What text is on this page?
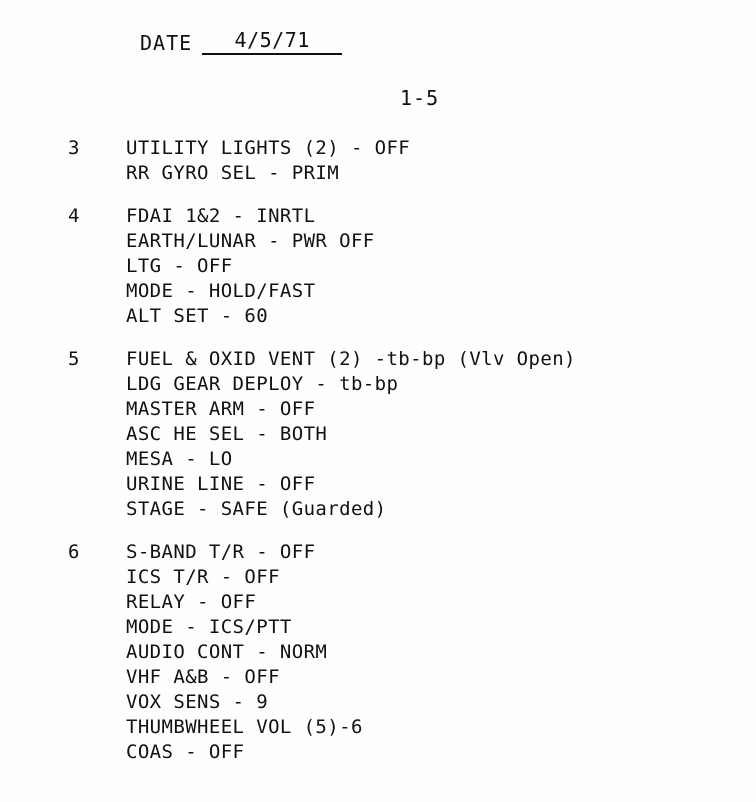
DATE	4/5/71
1-5
3 UTILITY LIGHTS (2) - OFF
RR GYRO SEL - PRIM
4 FDAI 1&2 - INRTL
EARTH/LUNAR - PWR OFF
LTG - OFF
MODE - HOLD/FAST
ALT SET - 60
5 FUEL & OXID VENT (2) -tb-bp (Vlv Open)
LDG GEAR DEPLOY - tb-bp
MASTER ARM - OFF
ASC HE SEL - BOTH
MESA - LO
URINE LINE - OFF
STAGE - SAFE (Guarded)
6 S-BAND T/R - OFF
ICS T/R - OFF
RELAY - OFF
MODE - ICS/PTT
AUDIO CONT - NORM
VHF A&B - OFF
VOX SENS - 9
THUMBWHEEL VOL (5)-6
COAS - OFF
